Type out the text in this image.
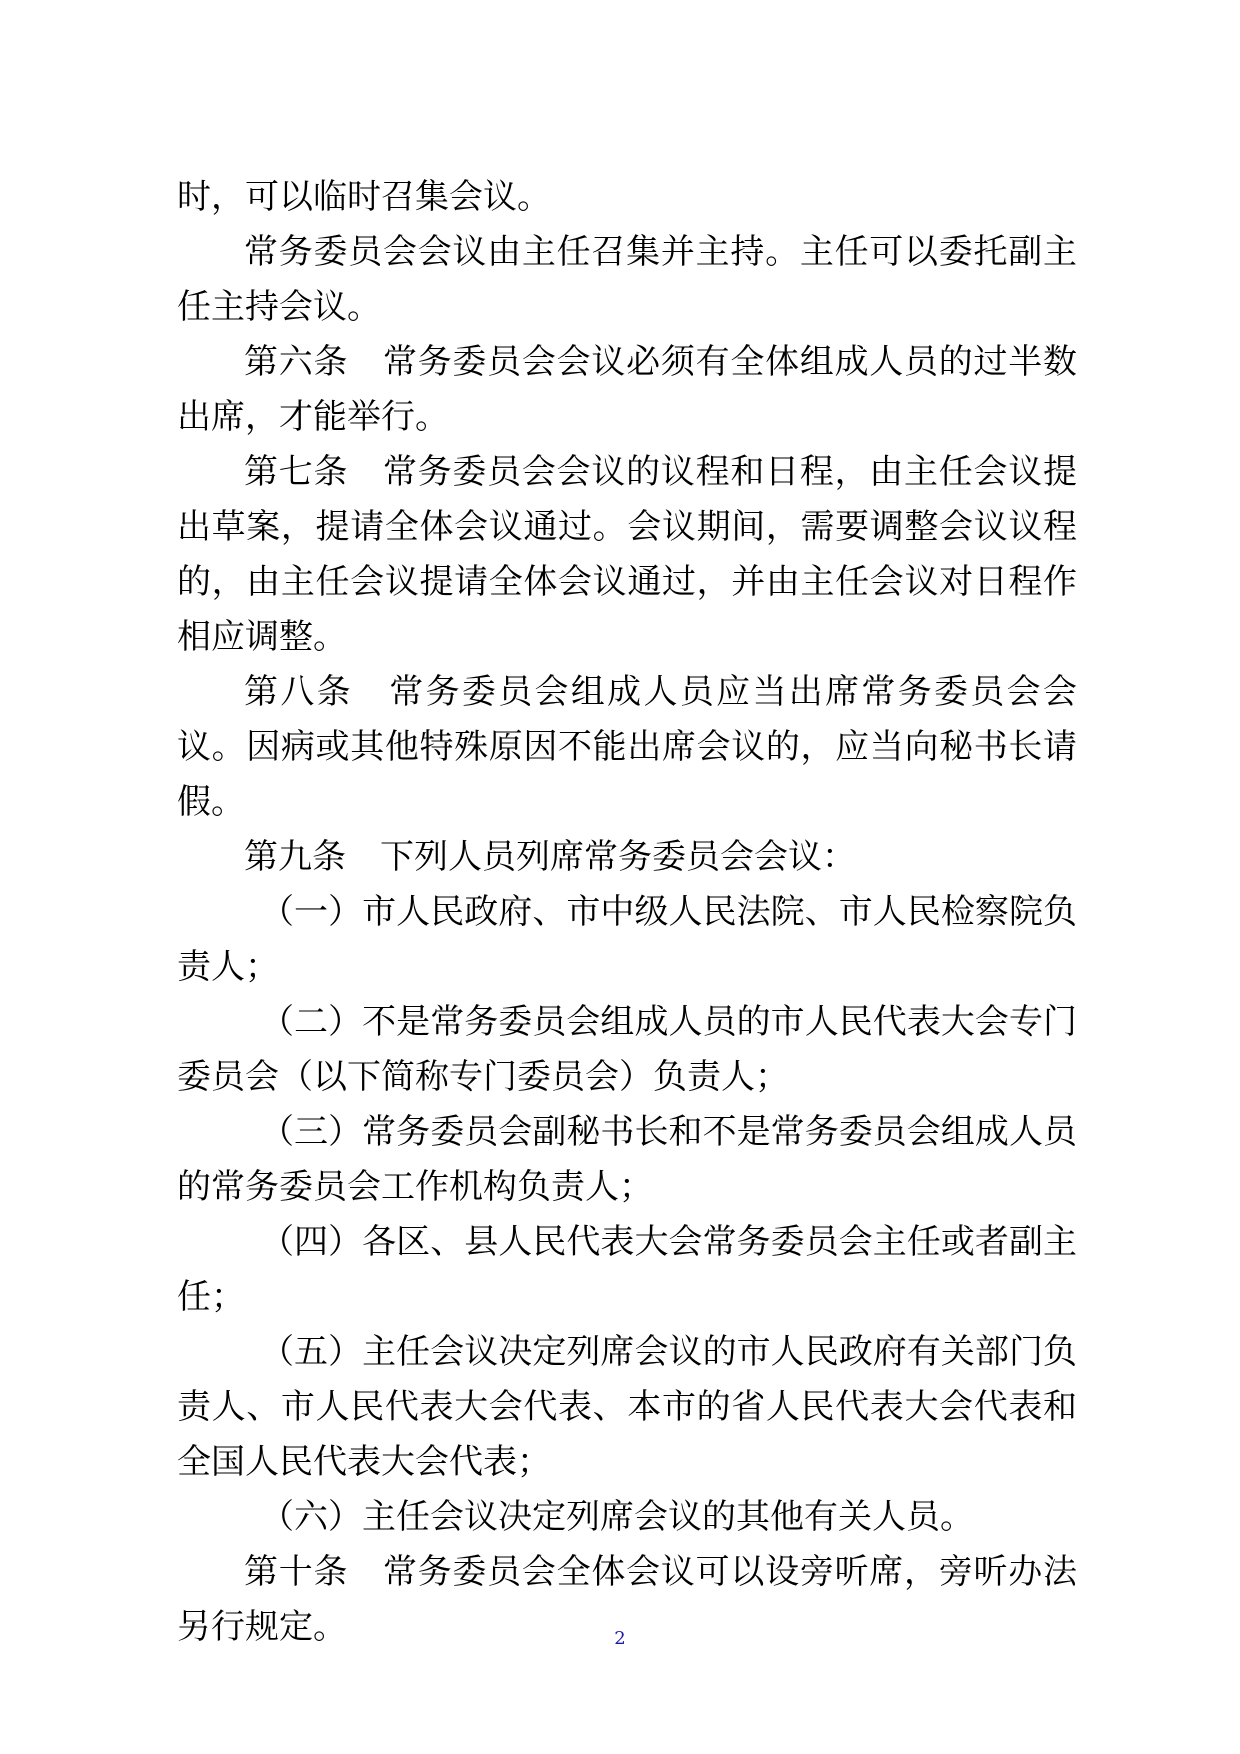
时，可以临时召集会议。

常务委员会会议由主任召集并主持。主任可以委托副主任主持会议。

第六条　常务委员会会议必须有全体组成人员的过半数出席，才能举行。

第七条　常务委员会会议的议程和日程，由主任会议提出草案，提请全体会议通过。会议期间，需要调整会议议程的，由主任会议提请全体会议通过，并由主任会议对日程作相应调整。

第八条　常务委员会组成人员应当出席常务委员会会议。因病或其他特殊原因不能出席会议的，应当向秘书长请假。

第九条　下列人员列席常务委员会会议：

（一）市人民政府、市中级人民法院、市人民检察院负责人；

（二）不是常务委员会组成人员的市人民代表大会专门委员会（以下简称专门委员会）负责人；

（三）常务委员会副秘书长和不是常务委员会组成人员的常务委员会工作机构负责人；

（四）各区、县人民代表大会常务委员会主任或者副主任；

（五）主任会议决定列席会议的市人民政府有关部门负责人、市人民代表大会代表、本市的省人民代表大会代表和全国人民代表大会代表；

（六）主任会议决定列席会议的其他有关人员。

第十条　常务委员会全体会议可以设旁听席，旁听办法另行规定。	2
